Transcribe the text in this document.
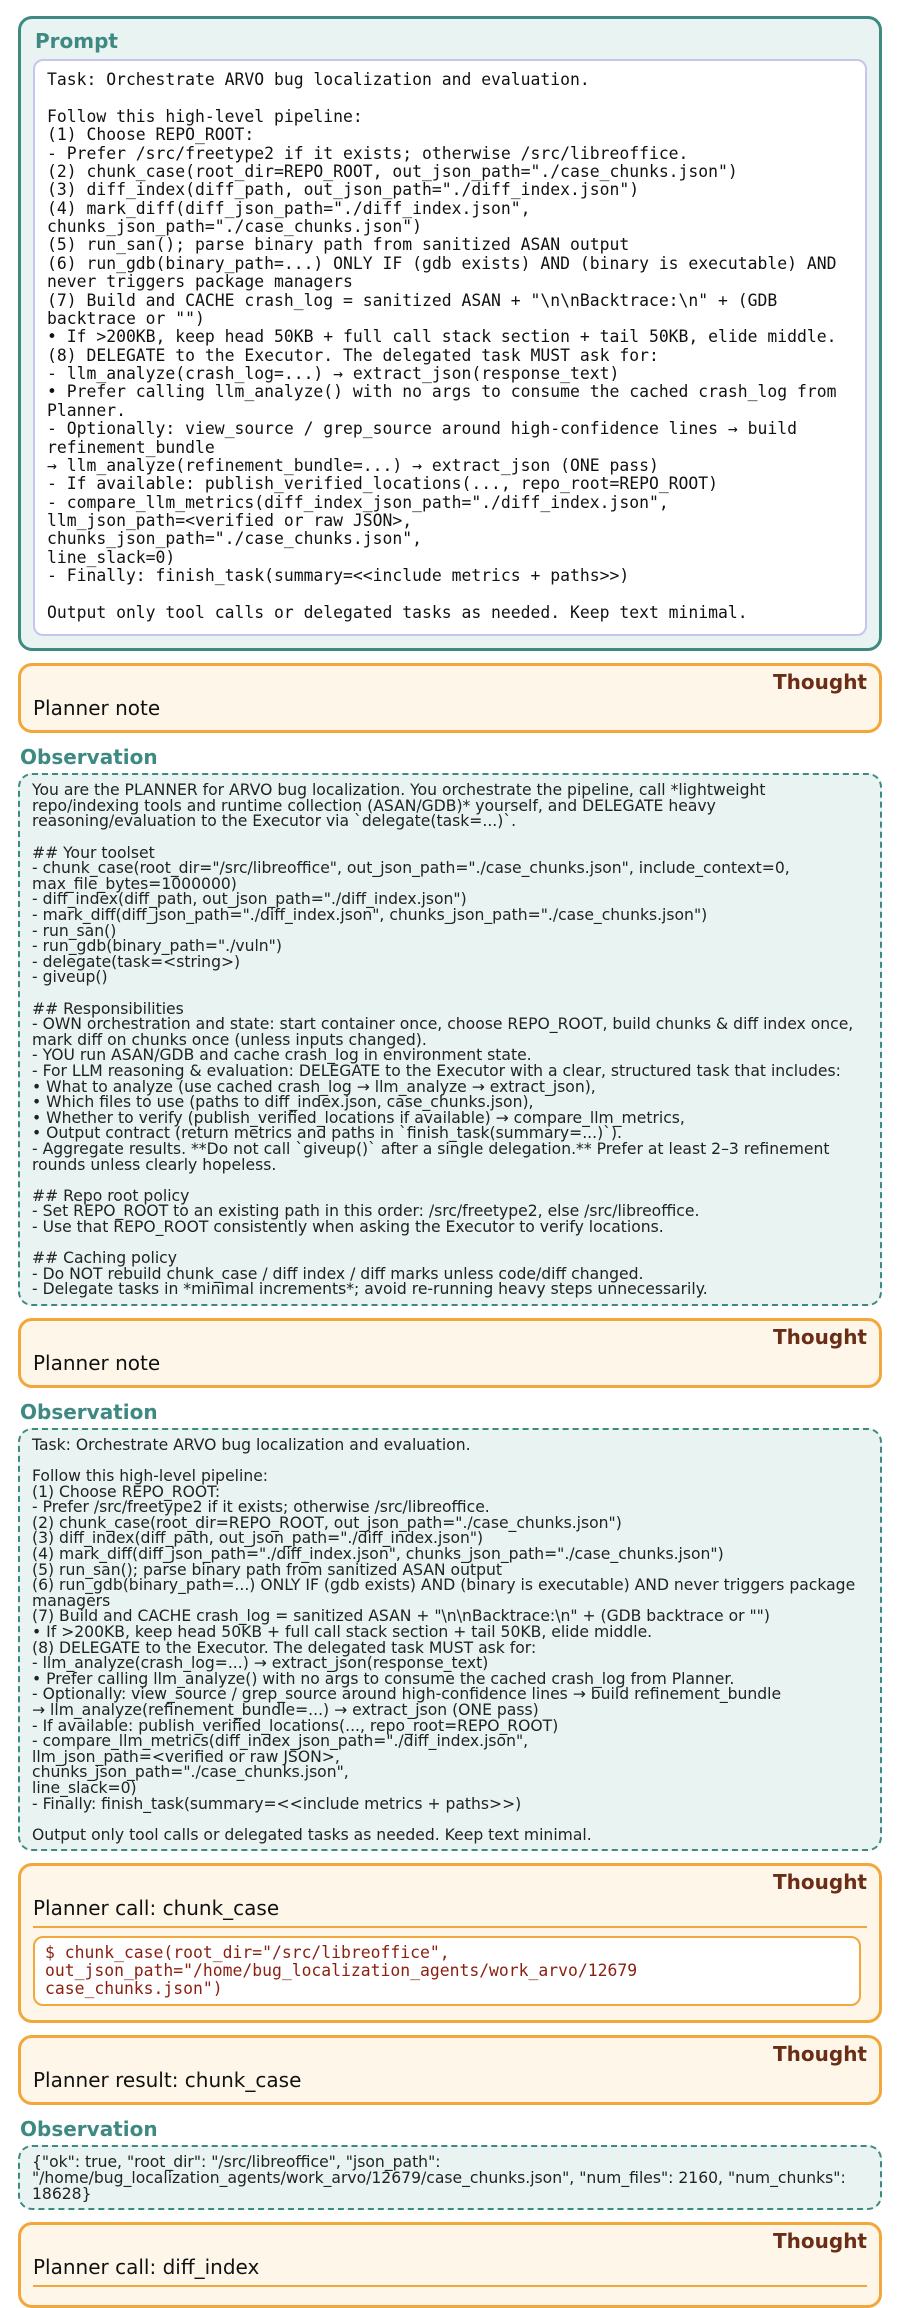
Prompt
Task: Orchestrate ARVO bug localization and evaluation.

Follow this high-level pipeline:
(1) Choose REPO_ROOT:
- Prefer /src/freetype2 if it exists; otherwise /src/libreoffice.
(2) chunk_case(root_dir=REPO_ROOT, out_json_path="./case_chunks.json")
(3) diff_index(diff_path, out_json_path="./diff_index.json")
(4) mark_diff(diff_json_path="./diff_index.json",
chunks_json_path="./case_chunks.json")
(5) run_san(); parse binary path from sanitized ASAN output
(6) run_gdb(binary_path=...) ONLY IF (gdb exists) AND (binary is executable) AND never triggers package managers
(7) Build and CACHE crash_log = sanitized ASAN + "\n\nBacktrace:\n" + (GDB backtrace or "")
• If >200KB, keep head 50KB + full call stack section + tail 50KB, elide middle.
(8) DELEGATE to the Executor. The delegated task MUST ask for:
- llm_analyze(crash_log=...) → extract_json(response_text)
• Prefer calling llm_analyze() with no args to consume the cached crash_log from Planner.
- Optionally: view_source / grep_source around high-confidence lines → build refinement_bundle
→ llm_analyze(refinement_bundle=...) → extract_json (ONE pass)
- If available: publish_verified_locations(..., repo_root=REPO_ROOT)
- compare_llm_metrics(diff_index_json_path="./diff_index.json",
llm_json_path=<verified or raw JSON>,
chunks_json_path="./case_chunks.json",
line_slack=0)
- Finally: finish_task(summary=<<include metrics + paths>>)

Output only tool calls or delegated tasks as needed. Keep text minimal.
Thought
Planner note
Observation
You are the PLANNER for ARVO bug localization. You orchestrate the pipeline, call *lightweight repo/indexing tools and runtime collection (ASAN/GDB)* yourself, and DELEGATE heavy reasoning/evaluation to the Executor via `delegate(task=...)`.

## Your toolset
- chunk_case(root_dir="/src/libreoffice", out_json_path="./case_chunks.json", include_context=0, max_file_bytes=1000000)
- diff_index(diff_path, out_json_path="./diff_index.json")
- mark_diff(diff_json_path="./diff_index.json", chunks_json_path="./case_chunks.json")
- run_san()
- run_gdb(binary_path="./vuln")
- delegate(task=<string>)
- giveup()

## Responsibilities
- OWN orchestration and state: start container once, choose REPO_ROOT, build chunks & diff index once, mark diff on chunks once (unless inputs changed).
- YOU run ASAN/GDB and cache crash_log in environment state.
- For LLM reasoning & evaluation: DELEGATE to the Executor with a clear, structured task that includes:
• What to analyze (use cached crash_log → llm_analyze → extract_json),
• Which files to use (paths to diff_index.json, case_chunks.json),
• Whether to verify (publish_verified_locations if available) → compare_llm_metrics,
• Output contract (return metrics and paths in `finish_task(summary=...)`).
- Aggregate results. **Do not call `giveup()` after a single delegation.** Prefer at least 2–3 refinement rounds unless clearly hopeless.

## Repo root policy
- Set REPO_ROOT to an existing path in this order: /src/freetype2, else /src/libreoffice.
- Use that REPO_ROOT consistently when asking the Executor to verify locations.

## Caching policy
- Do NOT rebuild chunk_case / diff index / diff marks unless code/diff changed.
- Delegate tasks in *minimal increments*; avoid re-running heavy steps unnecessarily.
Thought
Planner note
Observation
Task: Orchestrate ARVO bug localization and evaluation.

Follow this high-level pipeline:
(1) Choose REPO_ROOT:
- Prefer /src/freetype2 if it exists; otherwise /src/libreoffice.
(2) chunk_case(root_dir=REPO_ROOT, out_json_path="./case_chunks.json")
(3) diff_index(diff_path, out_json_path="./diff_index.json")
(4) mark_diff(diff_json_path="./diff_index.json", chunks_json_path="./case_chunks.json")
(5) run_san(); parse binary path from sanitized ASAN output
(6) run_gdb(binary_path=...) ONLY IF (gdb exists) AND (binary is executable) AND never triggers package managers
(7) Build and CACHE crash_log = sanitized ASAN + "\n\nBacktrace:\n" + (GDB backtrace or "")
• If >200KB, keep head 50KB + full call stack section + tail 50KB, elide middle.
(8) DELEGATE to the Executor. The delegated task MUST ask for:
- llm_analyze(crash_log=...) → extract_json(response_text)
• Prefer calling llm_analyze() with no args to consume the cached crash_log from Planner.
- Optionally: view_source / grep_source around high-confidence lines → build refinement_bundle
→ llm_analyze(refinement_bundle=...) → extract_json (ONE pass)
- If available: publish_verified_locations(..., repo_root=REPO_ROOT)
- compare_llm_metrics(diff_index_json_path="./diff_index.json",
llm_json_path=<verified or raw JSON>,
chunks_json_path="./case_chunks.json",
line_slack=0)
- Finally: finish_task(summary=<<include metrics + paths>>)

Output only tool calls or delegated tasks as needed. Keep text minimal.
Thought
Planner call: chunk_case
$ chunk_case(root_dir="/src/libreoffice",
out_json_path="/home/bug_localization_agents/work_arvo/12679
case_chunks.json")
Thought
Planner result: chunk_case
Observation
{"ok": true, "root_dir": "/src/libreoffice", "json_path":
"/home/bug_localization_agents/work_arvo/12679/case_chunks.json", "num_files": 2160, "num_chunks":
18628}
Thought
Planner call: diff_index
